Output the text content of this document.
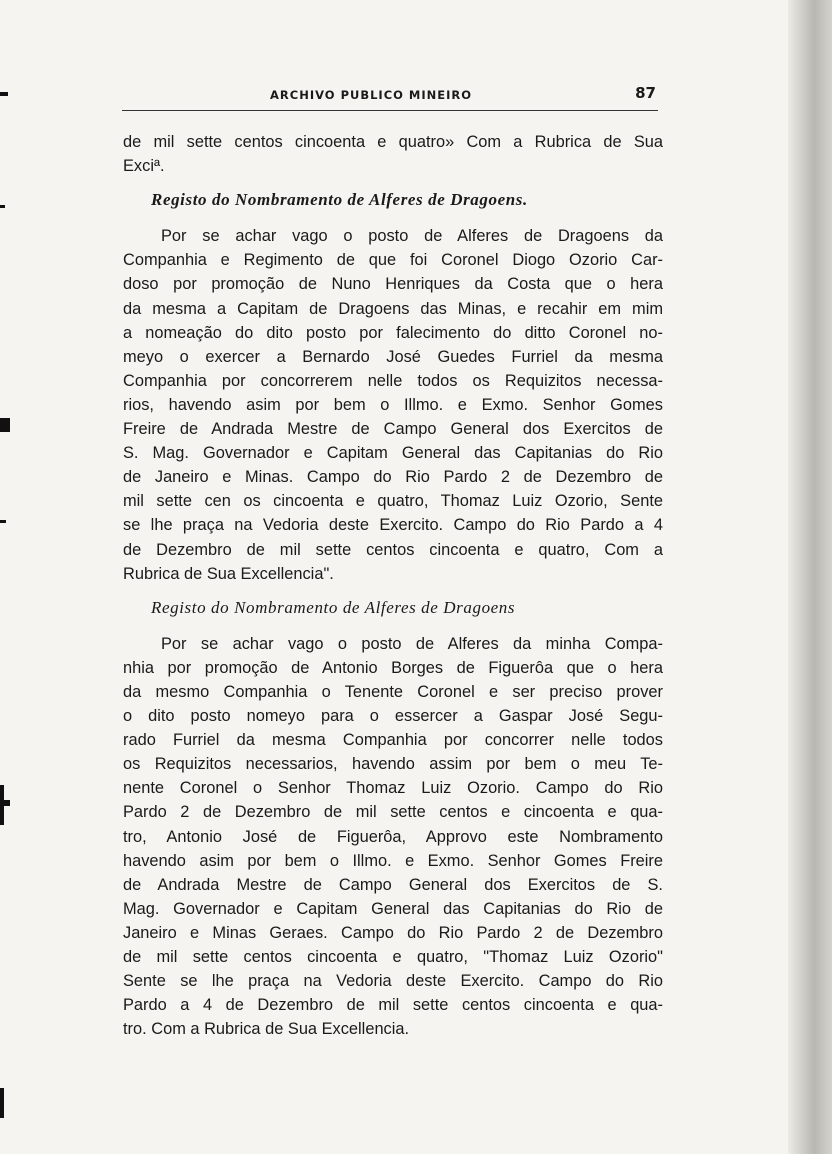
ARCHIVO PUBLICO MINEIRO	87

de mil sette centos cincoenta e quatro» Com a Rubrica de Sua
Exciª.

Registo do Nombramento de Alferes de Dragoens.

Por se achar vago o posto de Alferes de Dragoens da
Companhia e Regimento de que foi Coronel Diogo Ozorio Car-
doso por promoção de Nuno Henriques da Costa que o hera
da mesma a Capitam de Dragoens das Minas, e recahir em mim
a nomeação do dito posto por falecimento do ditto Coronel no-
meyo o exercer a Bernardo José Guedes Furriel da mesma
Companhia por concorrerem nelle todos os Requizitos necessa-
rios, havendo asim por bem o Illmo. e Exmo. Senhor Gomes
Freire de Andrada Mestre de Campo General dos Exercitos de
S. Mag. Governador e Capitam General das Capitanias do Rio
de Janeiro e Minas. Campo do Rio Pardo 2 de Dezembro de
mil sette cen os cincoenta e quatro, Thomaz Luiz Ozorio, Sente
se lhe praça na Vedoria deste Exercito. Campo do Rio Pardo a 4
de Dezembro de mil sette centos cincoenta e quatro, Com a
Rubrica de Sua Excellencia".

Registo do Nombramento de Alferes de Dragoens

Por se achar vago o posto de Alferes da minha Compa-
nhia por promoção de Antonio Borges de Figuerôa que o hera
da mesmo Companhia o Tenente Coronel e ser preciso prover
o dito posto nomeyo para o essercer a Gaspar José Segu-
rado Furriel da mesma Companhia por concorrer nelle todos
os Requizitos necessarios, havendo assim por bem o meu Te-
nente Coronel o Senhor Thomaz Luiz Ozorio. Campo do Rio
Pardo 2 de Dezembro de mil sette centos e cincoenta e qua-
tro, Antonio José de Figuerôa, Approvo este Nombramento
havendo asim por bem o Illmo. e Exmo. Senhor Gomes Freire
de Andrada Mestre de Campo General dos Exercitos de S.
Mag. Governador e Capitam General das Capitanias do Rio de
Janeiro e Minas Geraes. Campo do Rio Pardo 2 de Dezembro
de mil sette centos cincoenta e quatro, "Thomaz Luiz Ozorio"
Sente se lhe praça na Vedoria deste Exercito. Campo do Rio
Pardo a 4 de Dezembro de mil sette centos cincoenta e qua-
tro. Com a Rubrica de Sua Excellencia.
